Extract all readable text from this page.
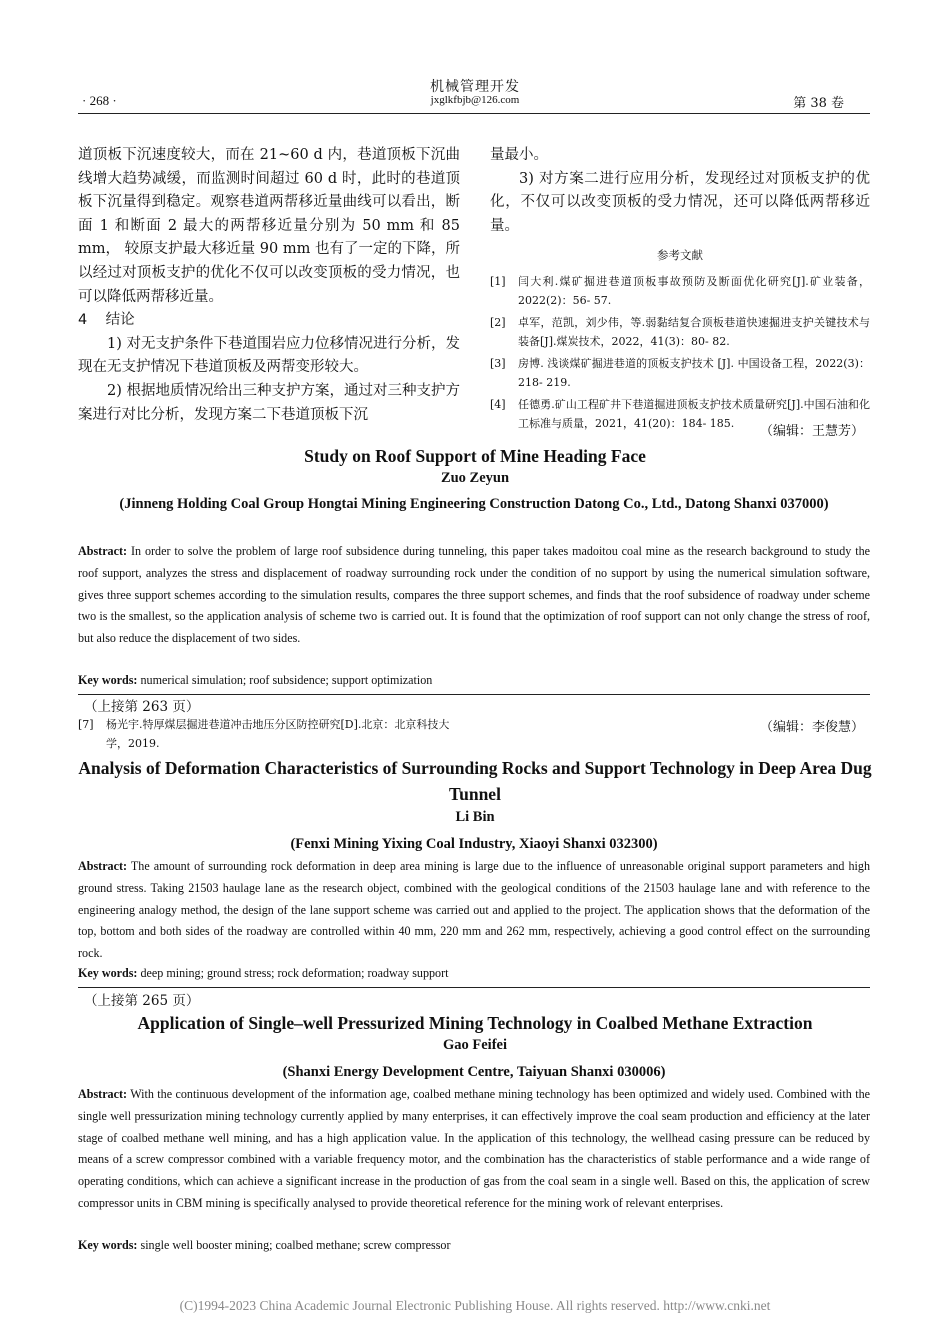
机械管理开发
jxglkfbjb@126.com
· 268 ·	第 38 卷

道顶板下沉速度较大，而在 21~60 d 内，巷道顶板下沉曲线增大趋势减缓，而监测时间超过 60 d 时，此时的巷道顶板下沉量得到稳定。观察巷道两帮移近量曲线可以看出，断面 1 和断面 2 最大的两帮移近量分别为 50 mm 和 85 mm， 较原支护最大移近量 90 mm 也有了一定的下降，所以经过对顶板支护的优化不仅可以改变顶板的受力情况，也可以降低两帮移近量。

4 结论

1) 对无支护条件下巷道围岩应力位移情况进行分析，发现在无支护情况下巷道顶板及两帮变形较大。

2) 根据地质情况给出三种支护方案，通过对三种支护方案进行对比分析，发现方案二下巷道顶板下沉

量最小。

3) 对方案二进行应用分析，发现经过对顶板支护的优化，不仅可以改变顶板的受力情况，还可以降低两帮移近量。

参考文献
[1]	闫大利.煤矿掘进巷道顶板事故预防及断面优化研究[J].矿业装备，2022(2)：56- 57.
[2]	卓军，范凯，刘少伟，等.弱黏结复合顶板巷道快速掘进支护关键技术与装备[J].煤炭技术，2022，41(3)：80- 82.
[3]	房博. 浅谈煤矿掘进巷道的顶板支护技术 [J]. 中国设备工程，2022(3)：218- 219.
[4]	任德勇.矿山工程矿井下巷道掘进顶板支护技术质量研究[J].中国石油和化工标准与质量，2021，41(20)：184- 185.
（编辑：王慧芳）
Study on Roof Support of Mine Heading Face
Zuo Zeyun
(Jinneng Holding Coal Group Hongtai Mining Engineering Construction Datong Co., Ltd., Datong Shanxi 037000)
Abstract: In order to solve the problem of large roof subsidence during tunneling, this paper takes madoitou coal mine as the research background to study the roof support, analyzes the stress and displacement of roadway surrounding rock under the condition of no support by using the numerical simulation software, gives three support schemes according to the simulation results, compares the three support schemes, and finds that the roof subsidence of roadway under scheme two is the smallest, so the application analysis of scheme two is carried out. It is found that the optimization of roof support can not only change the stress of roof, but also reduce the displacement of two sides.
Key words: numerical simulation; roof subsidence; support optimization
（上接第 263 页）
[7]	杨光宇.特厚煤层掘进巷道冲击地压分区防控研究[D].北京：北京科技大学，2019.
（编辑：李俊慧）
Analysis of Deformation Characteristics of Surrounding Rocks and Support Technology in Deep Area Dug Tunnel
Li Bin
(Fenxi Mining Yixing Coal Industry, Xiaoyi Shanxi 032300)
Abstract: The amount of surrounding rock deformation in deep area mining is large due to the influence of unreasonable original support parameters and high ground stress. Taking 21503 haulage lane as the research object, combined with the geological conditions of the 21503 haulage lane and with reference to the engineering analogy method, the design of the lane support scheme was carried out and applied to the project. The application shows that the deformation of the top, bottom and both sides of the roadway are controlled within 40 mm, 220 mm and 262 mm, respectively, achieving a good control effect on the surrounding rock.
Key words: deep mining; ground stress; rock deformation; roadway support
（上接第 265 页）
Application of Single–well Pressurized Mining Technology in Coalbed Methane Extraction
Gao Feifei
(Shanxi Energy Development Centre, Taiyuan Shanxi 030006)
Abstract: With the continuous development of the information age, coalbed methane mining technology has been optimized and widely used. Combined with the single well pressurization mining technology currently applied by many enterprises, it can effectively improve the coal seam production and efficiency at the later stage of coalbed methane well mining, and has a high application value. In the application of this technology, the wellhead casing pressure can be reduced by means of a screw compressor combined with a variable frequency motor, and the combination has the characteristics of stable performance and a wide range of operating conditions, which can achieve a significant increase in the production of gas from the coal seam in a single well. Based on this, the application of screw compressor units in CBM mining is specifically analysed to provide theoretical reference for the mining work of relevant enterprises.
Key words: single well booster mining; coalbed methane; screw compressor
(C)1994-2023 China Academic Journal Electronic Publishing House. All rights reserved. http://www.cnki.net
